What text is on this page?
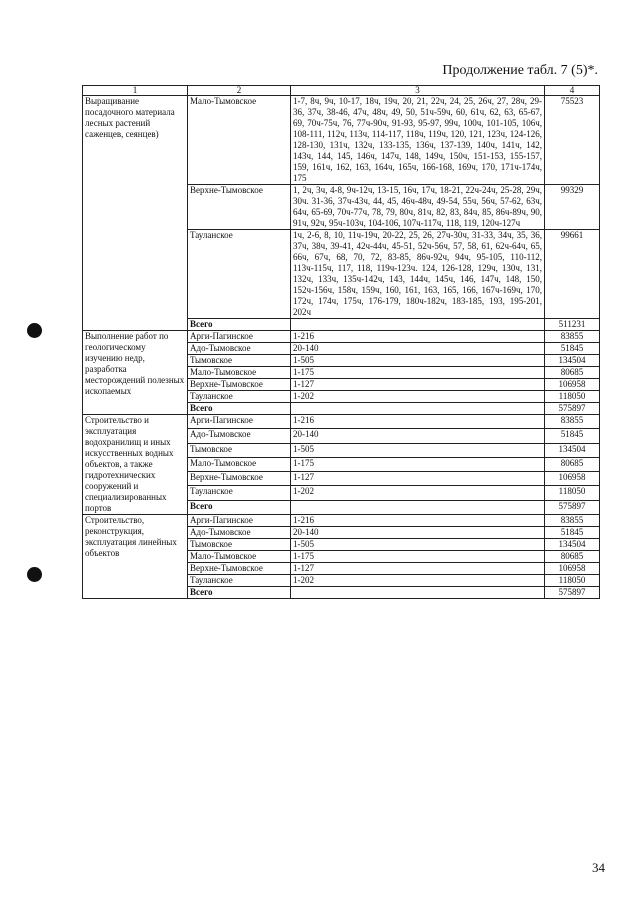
Продолжение табл. 7 (5)*.
1	2	3	4
Выращивание посадочного материала лесных растений саженцев, сеянцев)	Мало-Тымовское	1-7, 8ч, 9ч, 10-17, 18ч, 19ч, 20, 21, 22ч, 24, 25, 26ч, 27, 28ч, 29-36, 37ч, 38-46, 47ч, 48ч, 49, 50, 51ч-59ч, 60, 61ч, 62, 63, 65-67, 69, 70ч-75ч, 76, 77ч-90ч, 91-93, 95-97, 99ч, 100ч, 101-105, 106ч, 108-111, 112ч, 113ч, 114-117, 118ч, 119ч, 120, 121, 123ч, 124-126, 128-130, 131ч, 132ч, 133-135, 136ч, 137-139, 140ч, 141ч, 142, 143ч, 144, 145, 146ч, 147ч, 148, 149ч, 150ч, 151-153, 155-157, 159, 161ч, 162, 163, 164ч, 165ч, 166-168, 169ч, 170, 171ч-174ч, 175	75523
	Верхне-Тымовское	1, 2ч, 3ч, 4-8, 9ч-12ч, 13-15, 16ч, 17ч, 18-21, 22ч-24ч, 25-28, 29ч, 30ч. 31-36, 37ч-43ч, 44, 45, 46ч-48ч, 49-54, 55ч, 56ч, 57-62, 63ч, 64ч, 65-69, 70ч-77ч, 78, 79, 80ч, 81ч, 82, 83, 84ч, 85, 86ч-89ч, 90, 91ч, 92ч, 95ч-103ч, 104-106, 107ч-117ч, 118, 119, 120ч-127ч	99329
	Тауланское	1ч, 2-6, 8, 10, 11ч-19ч, 20-22, 25, 26, 27ч-30ч, 31-33, 34ч, 35, 36, 37ч, 38ч, 39-41, 42ч-44ч, 45-51, 52ч-56ч, 57, 58, 61, 62ч-64ч, 65, 66ч, 67ч, 68, 70, 72, 83-85, 86ч-92ч, 94ч, 95-105, 110-112, 113ч-115ч, 117, 118, 119ч-123ч. 124, 126-128, 129ч, 130ч, 131, 132ч, 133ч, 135ч-142ч, 143, 144ч, 145ч, 146, 147ч, 148, 150, 152ч-156ч, 158ч, 159ч, 160, 161, 163, 165, 166, 167ч-169ч, 170, 172ч, 174ч, 175ч, 176-179, 180ч-182ч, 183-185, 193, 195-201, 202ч	99661
	Всего		511231
Выполнение работ по геологическому изучению недр, разработка месторождений полезных ископаемых	Арги-Пагинское	1-216	83855
	Адо-Тымовское	20-140	51845
	Тымовское	1-505	134504
	Мало-Тымовское	1-175	80685
	Верхне-Тымовское	1-127	106958
	Тауланское	1-202	118050
	Всего		575897
Строительство и эксплуатация водохранилищ и иных искусственных водных объектов, а также гидротехнических сооружений и специализированных портов	Арги-Пагинское	1-216	83855
	Адо-Тымовское	20-140	51845
	Тымовское	1-505	134504
	Мало-Тымовское	1-175	80685
	Верхне-Тымовское	1-127	106958
	Тауланское	1-202	118050
	Всего		575897
Строительство, реконструкция, эксплуатация линейных объектов	Арги-Пагинское	1-216	83855
	Адо-Тымовское	20-140	51845
	Тымовское	1-505	134504
	Мало-Тымовское	1-175	80685
	Верхне-Тымовское	1-127	106958
	Тауланское	1-202	118050
	Всего		575897
34
